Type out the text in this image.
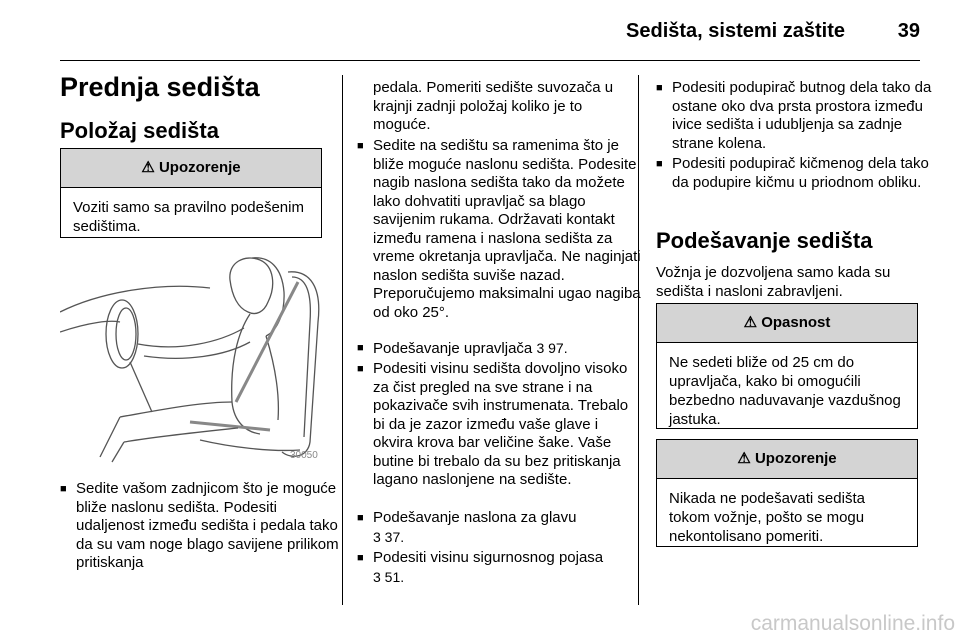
Sedišta, sistemi zaštite	39
Prednja sedišta
Položaj sedišta
⚠ Upozorenje
Voziti samo sa pravilno podešenim sedištima.
30050
■ Sedite vašom zadnjicom što je moguće bliže naslonu sedišta. Podesiti udaljenost između sedišta i pedala tako da su vam noge blago savijene prilikom pritiskanja
pedala. Pomeriti sedište suvozača u krajnji zadnji položaj koliko je to moguće.
■ Sedite na sedištu sa ramenima što je bliže moguće naslonu sedišta. Podesite nagib naslona sedišta tako da možete lako dohvatiti upravljač sa blago savijenim rukama. Održavati kontakt između ramena i naslona sedišta za vreme okretanja upravljača. Ne naginjati naslon sedišta suviše nazad. Preporučujemo maksimalni ugao nagiba od oko 25°.
■ Podešavanje upravljača 3 97.
■ Podesiti visinu sedišta dovoljno visoko za čist pregled na sve strane i na pokazivače svih instrumenata. Trebalo bi da je zazor između vaše glave i okvira krova bar veličine šake. Vaše butine bi trebalo da su bez pritiskanja lagano naslonjene na sedište.
■ Podešavanje naslona za glavu
3 37.
■ Podesiti visinu sigurnosnog pojasa
3 51.
■ Podesiti podupirač butnog dela tako da ostane oko dva prsta prostora između ivice sedišta i udubljenja sa zadnje strane kolena.
■ Podesiti podupirač kičmenog dela tako da podupire kičmu u priodnom obliku.
Podešavanje sedišta
Vožnja je dozvoljena samo kada su sedišta i nasloni zabravljeni.
⚠ Opasnost
Ne sedeti bliže od 25 cm do upravljača, kako bi omogućili bezbedno naduvavanje vazdušnog jastuka.
⚠ Upozorenje
Nikada ne podešavati sedišta tokom vožnje, pošto se mogu nekontolisano pomeriti.
carmanualsonline.info
